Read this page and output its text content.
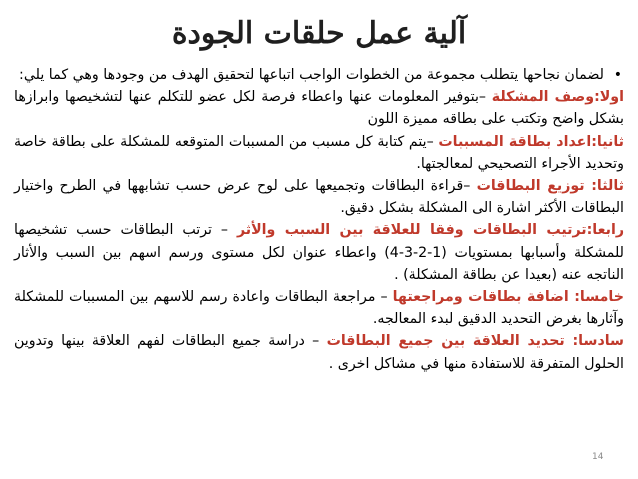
آلية عمل حلقات الجودة

•
لضمان نجاحها يتطلب مجموعة من الخطوات الواجب اتباعها لتحقيق الهدف من وجودها وهي كما يلي:

اولا:وصف المشكلة –بتوفير المعلومات عنها واعطاء فرصة لكل عضو للتكلم عنها لتشخيصها وابرازها بشكل واضح وتكتب على بطاقه مميزة اللون

ثانيا:اعداد بطاقة المسببات –يتم كتابة كل مسبب من المسببات المتوقعه للمشكلة على بطاقة خاصة وتحديد الأجراء التصحيحي لمعالجتها.

ثالثا: توزيع البطاقات –قراءة البطاقات وتجميعها على لوح عرض حسب تشابهها في الطرح واختيار البطاقات الأكثر اشارة الى المشكلة بشكل دقيق.

رابعا:ترتيب البطاقات وفقا للعلاقة بين السبب والأثر – ترتب البطاقات حسب تشخيصها للمشكلة وأسبابها بمستويات (1-2-3-4) واعطاء عنوان لكل مستوى ورسم اسهم بين السبب والأثار الناتجه عنه (بعيدا عن بطاقة المشكلة) .

خامسا: اضافة بطاقات ومراجعتها – مراجعة البطاقات واعادة رسم للاسهم بين المسببات للمشكلة وآثارها بغرض التحديد الدقيق لبدء المعالجه.

سادسا: تحديد العلاقة بين جميع البطاقات – دراسة جميع البطاقات لفهم العلاقة بينها وتدوين الحلول المتفرقة للاستفادة منها في مشاكل اخرى .

14
